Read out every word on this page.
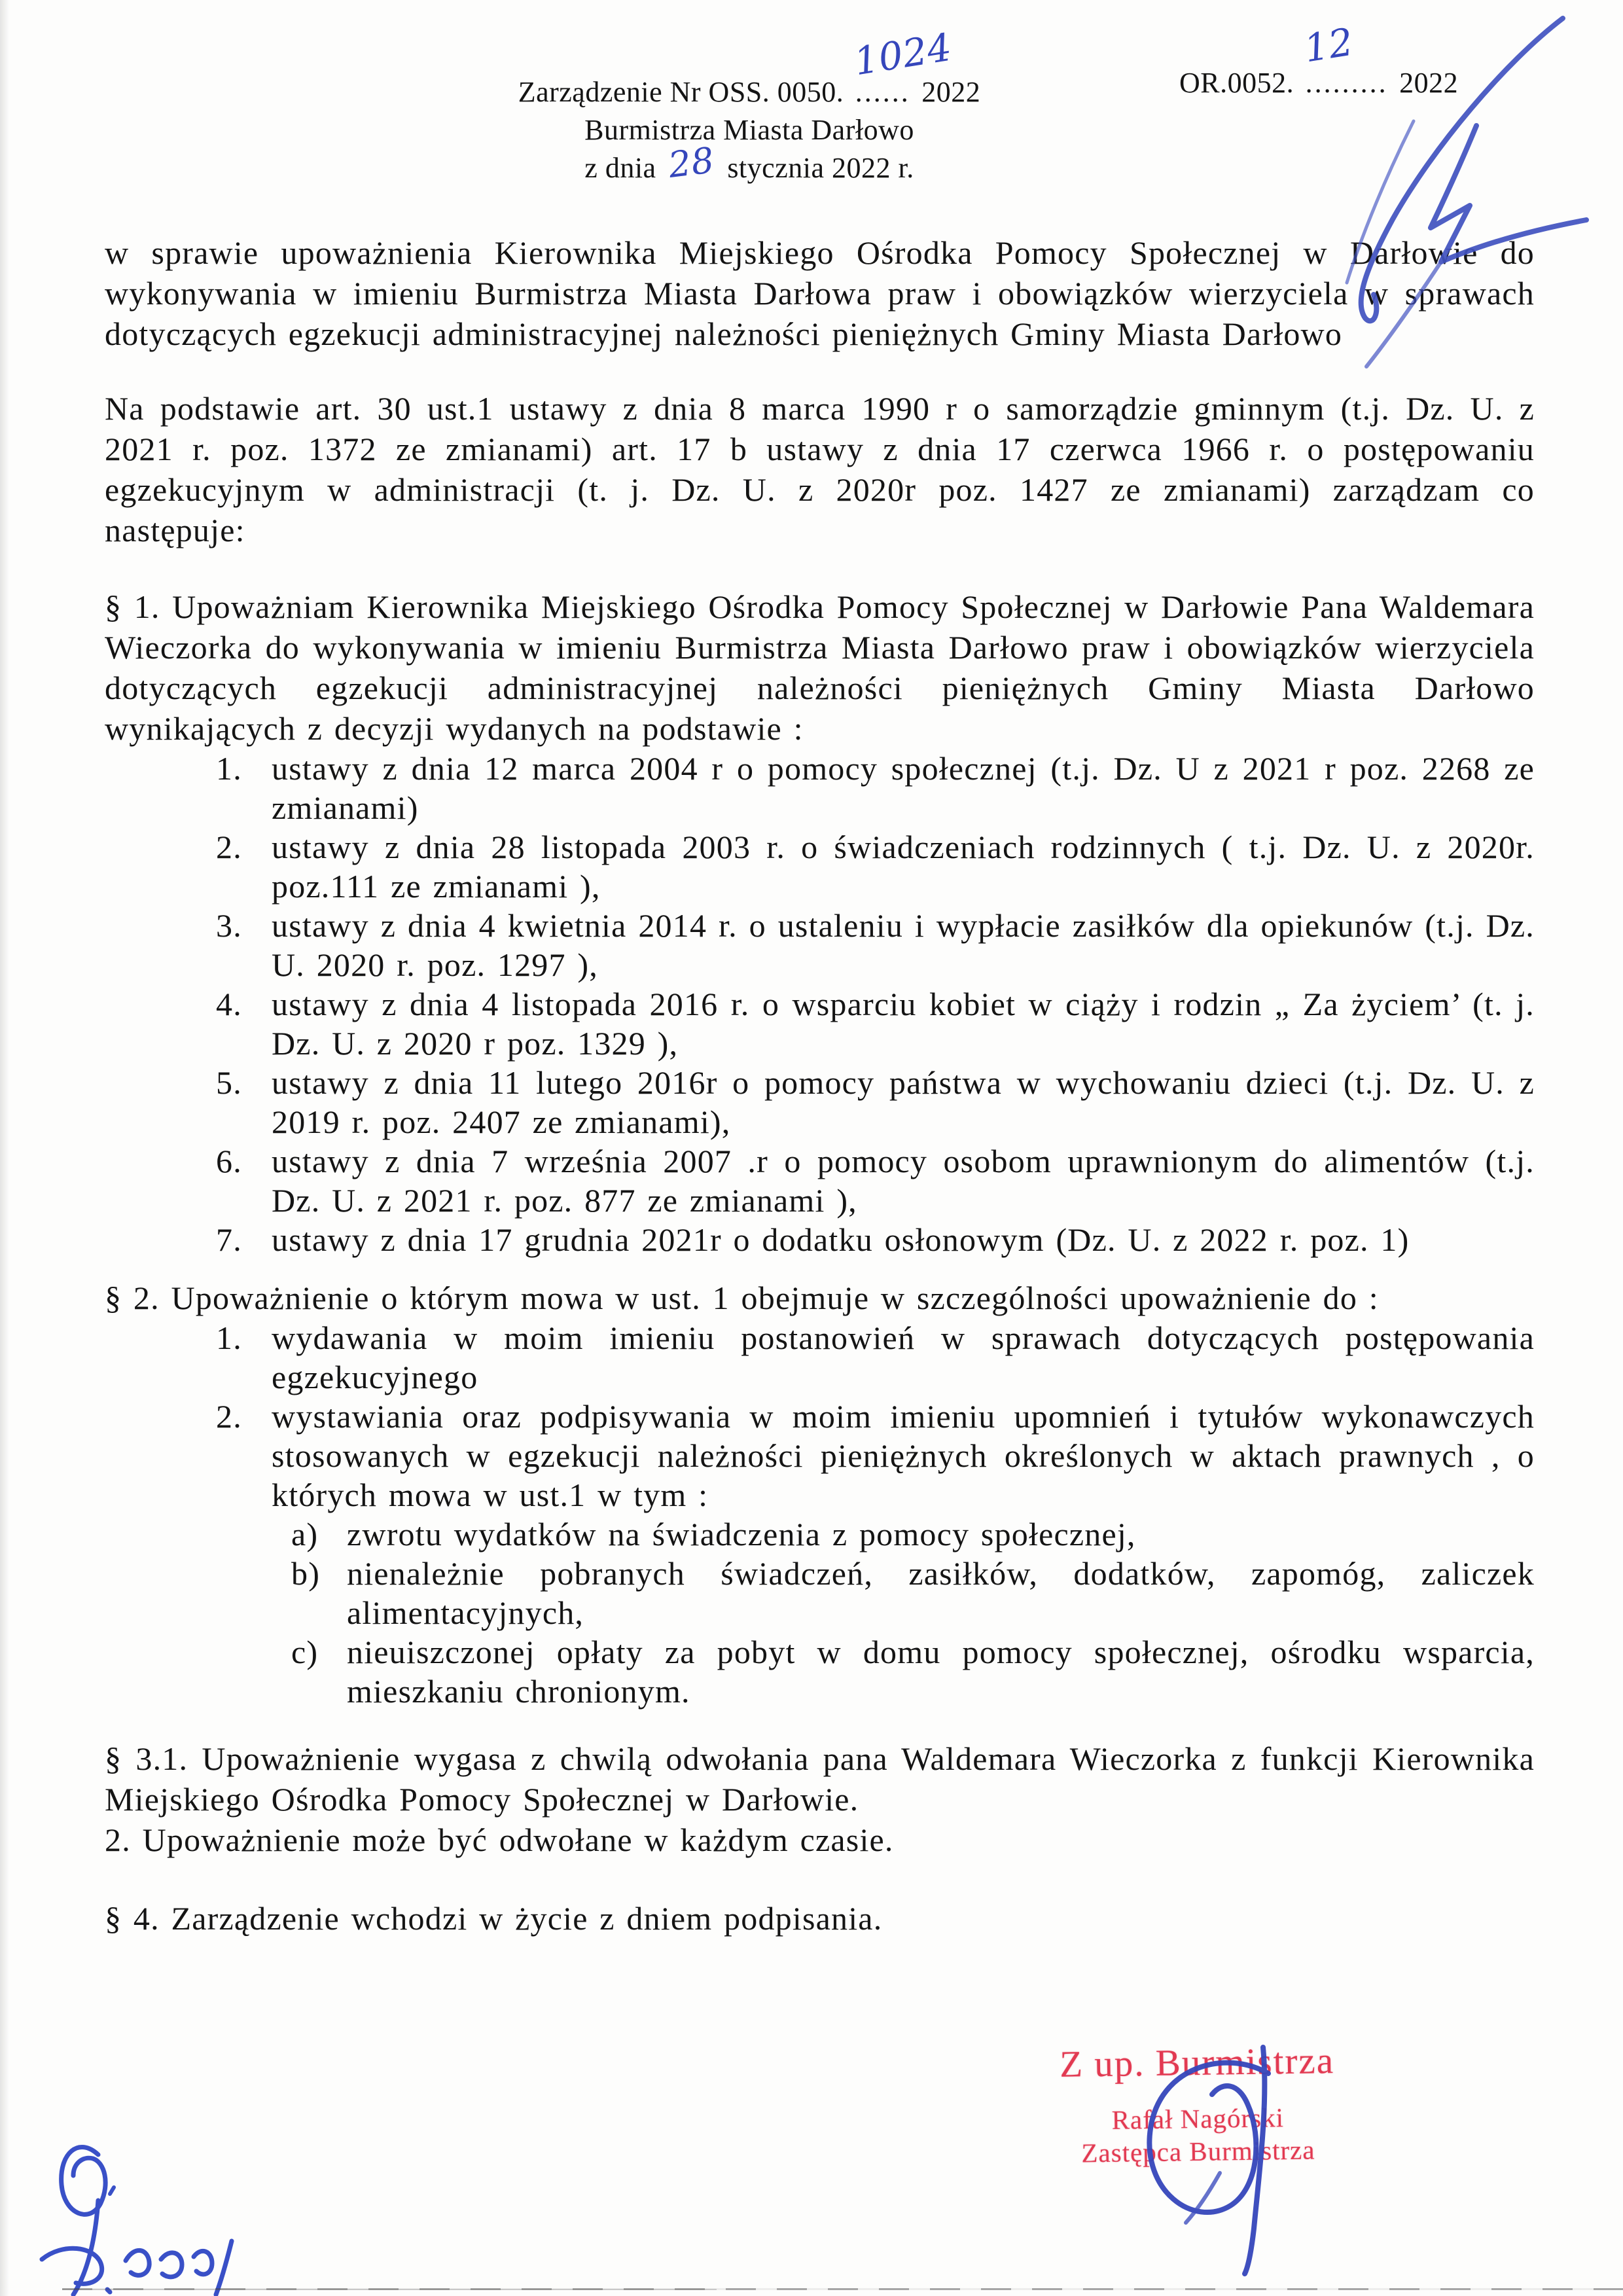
Zarządzenie Nr OSS. 0050.
1024
...... 2022
Burmistrza Miasta Darłowo
z dnia 28 stycznia 2022 r.
OR.0052.
12
......... 2022

w sprawie upoważnienia Kierownika Miejskiego Ośrodka Pomocy Społecznej w Darłowie do wykonywania w imieniu Burmistrza Miasta Darłowa praw i obowiązków wierzyciela w sprawach dotyczących egzekucji administracyjnej należności pieniężnych Gminy Miasta Darłowo

Na podstawie art. 30 ust.1 ustawy z dnia 8 marca 1990 r o samorządzie gminnym (t.j. Dz. U. z 2021 r. poz. 1372 ze zmianami) art. 17 b ustawy z dnia 17 czerwca 1966 r. o postępowaniu egzekucyjnym w administracji (t. j. Dz. U. z 2020r poz. 1427 ze zmianami) zarządzam co następuje:

§ 1. Upoważniam Kierownika Miejskiego Ośrodka Pomocy Społecznej w Darłowie Pana Waldemara Wieczorka do wykonywania w imieniu Burmistrza Miasta Darłowo praw i obowiązków wierzyciela dotyczących egzekucji administracyjnej należności pieniężnych Gminy Miasta Darłowo wynikających z decyzji wydanych na podstawie :

1. ustawy z dnia 12 marca 2004 r o pomocy społecznej (t.j. Dz. U z 2021 r poz. 2268 ze zmianami)
2. ustawy z dnia 28 listopada 2003 r. o świadczeniach rodzinnych ( t.j. Dz. U. z 2020r. poz.111 ze zmianami ),
3. ustawy z dnia 4 kwietnia 2014 r. o ustaleniu i wypłacie zasiłków dla opiekunów (t.j. Dz. U. 2020 r. poz. 1297 ),
4. ustawy z dnia 4 listopada 2016 r. o wsparciu kobiet w ciąży i rodzin „ Za życiem’ (t. j. Dz. U. z 2020 r poz. 1329 ),
5. ustawy z dnia 11 lutego 2016r o pomocy państwa w wychowaniu dzieci (t.j. Dz. U. z 2019 r. poz. 2407 ze zmianami),
6. ustawy z dnia 7 września 2007 .r o pomocy osobom uprawnionym do alimentów (t.j. Dz. U. z 2021 r. poz. 877 ze zmianami ),
7. ustawy z dnia 17 grudnia 2021r o dodatku osłonowym (Dz. U. z 2022 r. poz. 1)

§ 2. Upoważnienie o którym mowa w ust. 1 obejmuje w szczególności upoważnienie do :

1. wydawania w moim imieniu postanowień w sprawach dotyczących postępowania egzekucyjnego
2. wystawiania oraz podpisywania w moim imieniu upomnień i tytułów wykonawczych stosowanych w egzekucji należności pieniężnych określonych w aktach prawnych , o których mowa w ust.1 w tym :
a) zwrotu wydatków na świadczenia z pomocy społecznej,
b) nienależnie pobranych świadczeń, zasiłków, dodatków, zapomóg, zaliczek alimentacyjnych,
c) nieuiszczonej opłaty za pobyt w domu pomocy społecznej, ośrodku wsparcia, mieszkaniu chronionym.

§ 3.1. Upoważnienie wygasa z chwilą odwołania pana Waldemara Wieczorka z funkcji Kierownika Miejskiego Ośrodka Pomocy Społecznej w Darłowie.

2. Upoważnienie może być odwołane w każdym czasie.

§ 4. Zarządzenie wchodzi w życie z dniem podpisania.

Z up. Burmistrza
Rafał Nagórski
Zastępca Burmistrza
